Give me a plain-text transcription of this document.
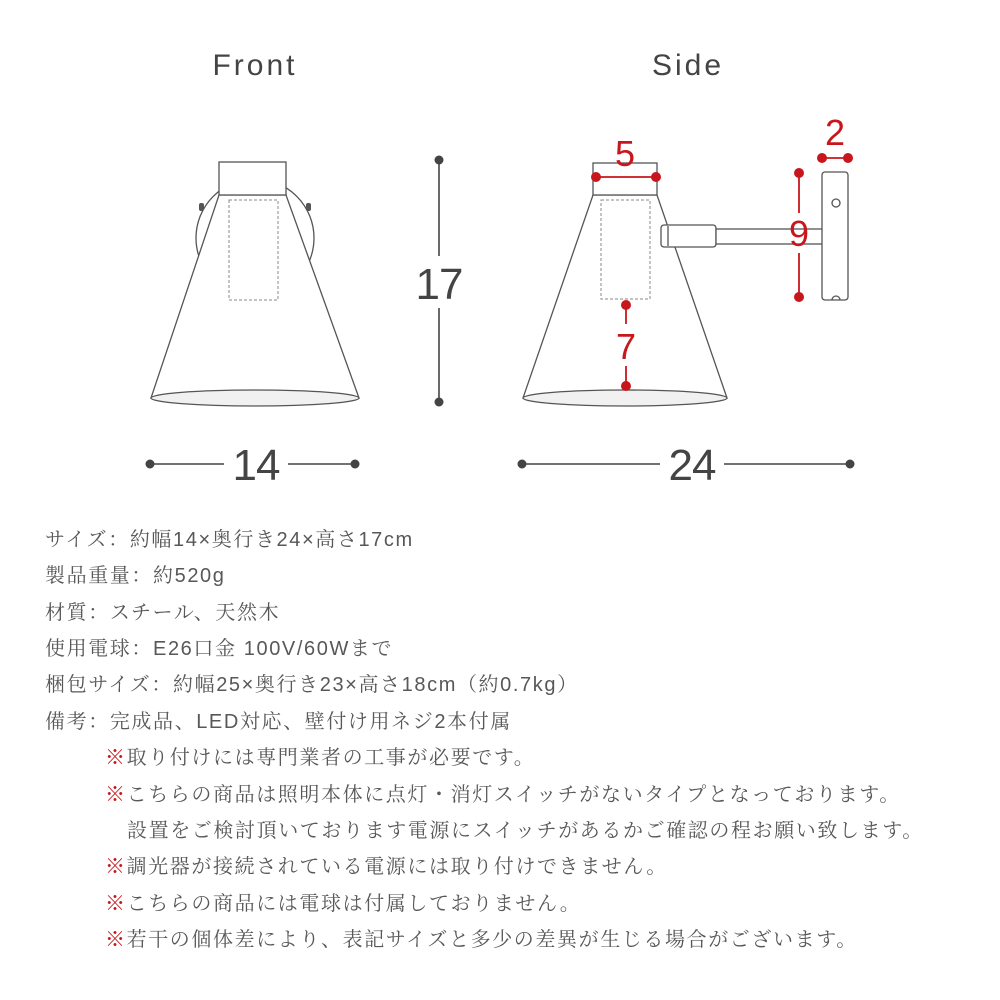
Front
17
14
Side
5
7
9
2
24
サイズ：約幅14×奥行き24×高さ17cm
製品重量：約520g
材質：スチール、天然木
使用電球：E26口金 100V/60Wまで
梱包サイズ：約幅25×奥行き23×高さ18cm（約0.7kg）
備考：完成品、LED対応、壁付け用ネジ2本付属
※取り付けには専門業者の工事が必要です。
※こちらの商品は照明本体に点灯・消灯スイッチがないタイプとなっております。
設置をご検討頂いております電源にスイッチがあるかご確認の程お願い致します。
※調光器が接続されている電源には取り付けできません。
※こちらの商品には電球は付属しておりません。
※若干の個体差により、表記サイズと多少の差異が生じる場合がございます。
